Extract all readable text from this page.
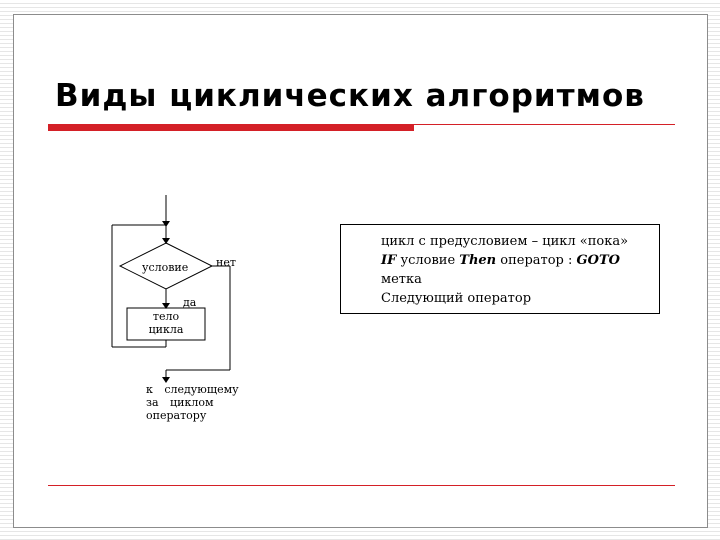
Виды циклических алгоритмов
условие	нет
да
тело цикла
к следующему за циклом оператору
цикл с предусловием – цикл «пока»
IF условие Then оператор : GOTO
метка
Следующий оператор
